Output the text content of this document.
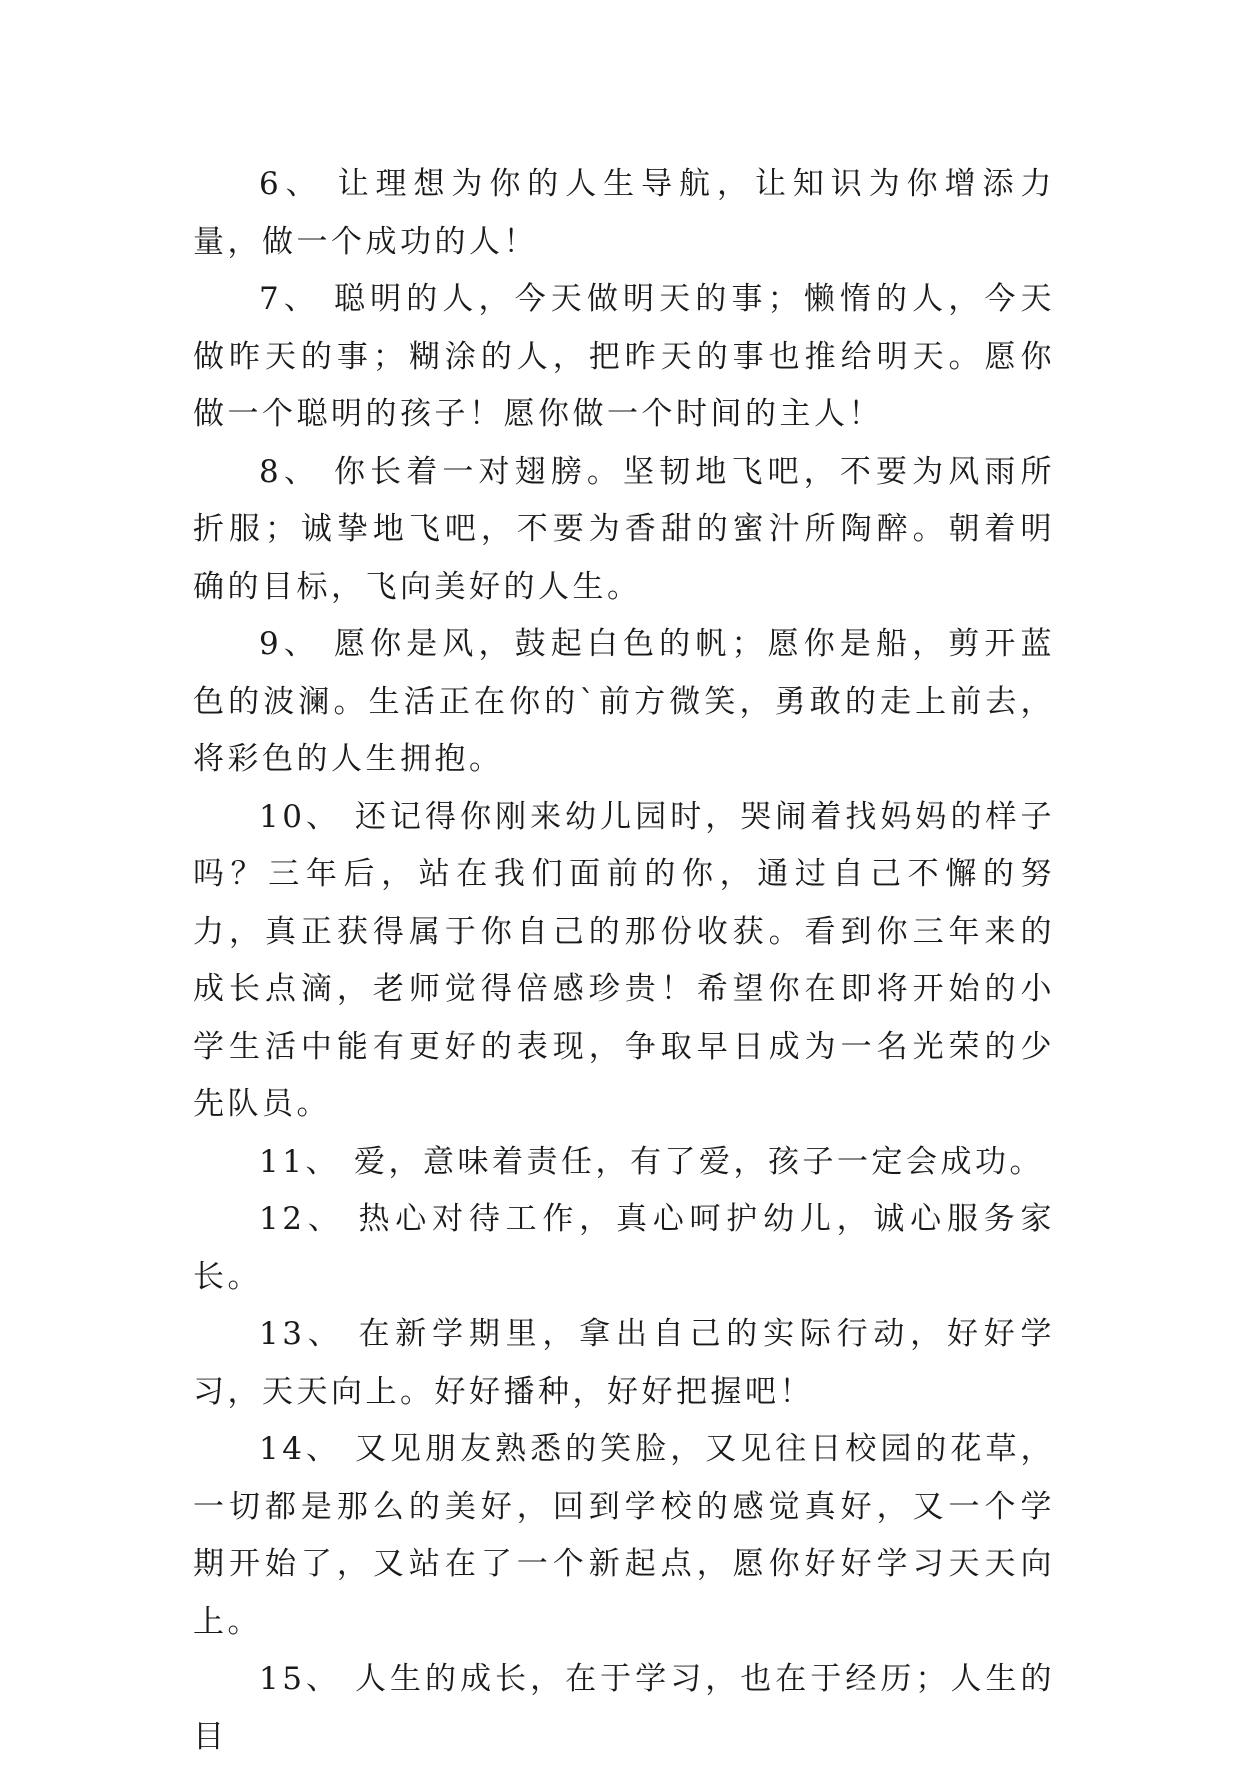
6、 让理想为你的人生导航，让知识为你增添力量，做一个成功的人！

7、 聪明的人，今天做明天的事；懒惰的人，今天做昨天的事；糊涂的人，把昨天的事也推给明天。愿你做一个聪明的孩子！愿你做一个时间的主人！

8、 你长着一对翅膀。坚韧地飞吧，不要为风雨所折服；诚挚地飞吧，不要为香甜的蜜汁所陶醉。朝着明确的目标，飞向美好的人生。

9、 愿你是风，鼓起白色的帆；愿你是船，剪开蓝色的波澜。生活正在你的`前方微笑，勇敢的走上前去，将彩色的人生拥抱。

10、 还记得你刚来幼儿园时，哭闹着找妈妈的样子吗？三年后，站在我们面前的你，通过自己不懈的努力，真正获得属于你自己的那份收获。看到你三年来的成长点滴，老师觉得倍感珍贵！希望你在即将开始的小学生活中能有更好的表现，争取早日成为一名光荣的少先队员。

11、 爱，意味着责任，有了爱，孩子一定会成功。

12、 热心对待工作，真心呵护幼儿，诚心服务家长。

13、 在新学期里，拿出自己的实际行动，好好学习，天天向上。好好播种，好好把握吧！

14、 又见朋友熟悉的笑脸，又见往日校园的花草，一切都是那么的美好，回到学校的感觉真好，又一个学期开始了，又站在了一个新起点，愿你好好学习天天向上。

15、 人生的成长，在于学习，也在于经历；人生的目
